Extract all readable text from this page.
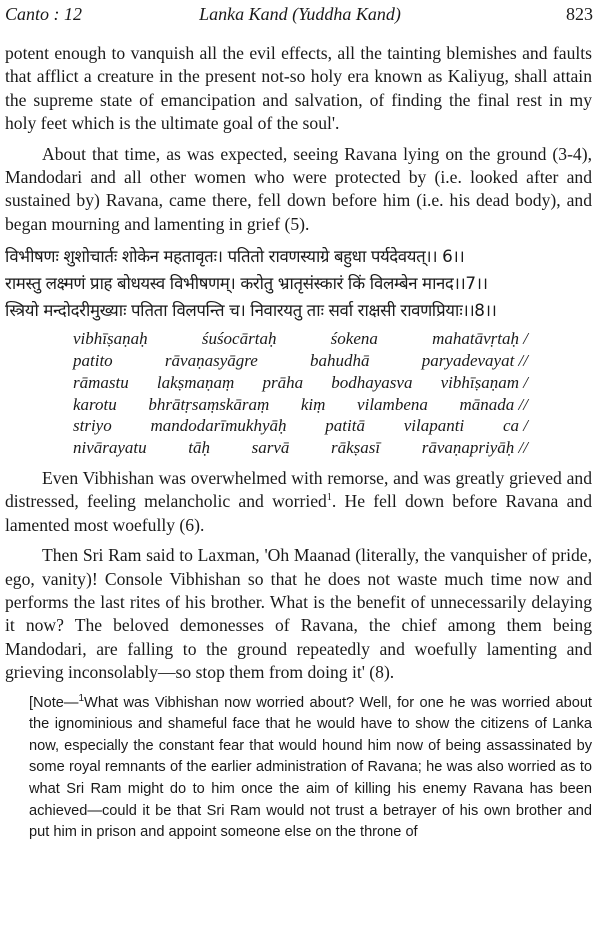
Canto : 12	Lanka Kand (Yuddha Kand)	823

potent enough to vanquish all the evil effects, all the tainting blemishes and faults that afflict a creature in the present not-so holy era known as Kaliyug, shall attain the supreme state of emancipation and salvation, of finding the final rest in my holy feet which is the ultimate goal of the soul'.

About that time, as was expected, seeing Ravana lying on the ground (3-4), Mandodari and all other women who were protected by (i.e. looked after and sustained by) Ravana, came there, fell down before him (i.e. his dead body), and began mourning and lamenting in grief (5).

विभीषणः शुशोचार्तः शोकेन महतावृतः। पतितो रावणस्याग्रे बहुधा पर्यदेवयत्।। 6।।
रामस्तु लक्ष्मणं प्राह बोधयस्व विभीषणम्। करोतु भ्रातृसंस्कारं किं विलम्बेन मानद।।7।।
स्त्रियो मन्दोदरीमुख्याः पतिता विलपन्ति च। निवारयतु ताः सर्वा राक्षसी रावणप्रियाः।।8।।
vibhīṣaṇaḥ	śuśocārtaḥ	śokena	mahatāvṛtaḥ /
patito	rāvaṇasyāgre	bahudhā	paryadevayat //
rāmastu lakṣmaṇaṃ prāha bodhayasva vibhīṣaṇam /
karotu bhrātṛsaṃskāraṃ kiṃ vilambena mānada //
striyo mandodarīmukhyāḥ patitā vilapanti ca /
nivārayatu tāḥ sarvā rākṣasī rāvaṇapriyāḥ //

Even Vibhishan was overwhelmed with remorse, and was greatly grieved and distressed, feeling melancholic and worried$^1$. He fell down before Ravana and lamented most woefully (6).

Then Sri Ram said to Laxman, 'Oh Maanad (literally, the vanquisher of pride, ego, vanity)! Console Vibhishan so that he does not waste much time now and performs the last rites of his brother. What is the benefit of unnecessarily delaying it now? The beloved demonesses of Ravana, the chief among them being Mandodari, are falling to the ground repeatedly and woefully lamenting and grieving inconsolably—so stop them from doing it' (8).

[Note—$^1$What was Vibhishan now worried about? Well, for one he was worried about the ignominious and shameful face that he would have to show the citizens of Lanka now, especially the constant fear that would hound him now of being assassinated by some royal remnants of the earlier administration of Ravana; he was also worried as to what Sri Ram might do to him once the aim of killing his enemy Ravana has been achieved—could it be that Sri Ram would not trust a betrayer of his own brother and put him in prison and appoint someone else on the throne of
